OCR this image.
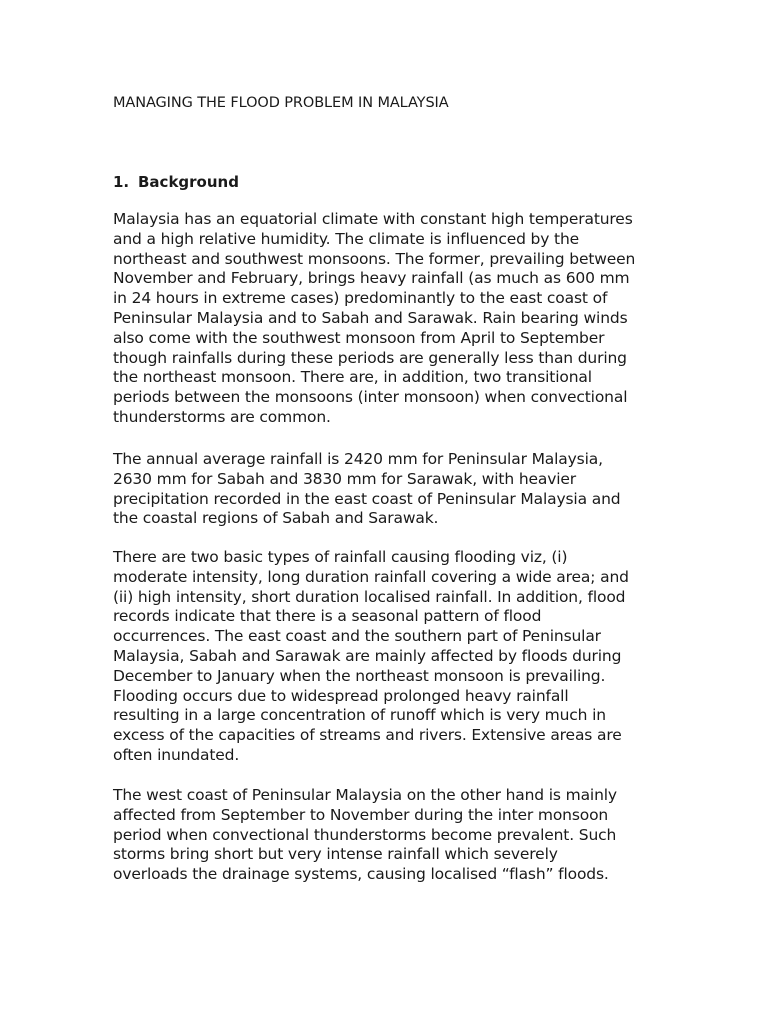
MANAGING THE FLOOD PROBLEM IN MALAYSIA
1. Background

Malaysia has an equatorial climate with constant high temperatures
and a high relative humidity. The climate is influenced by the
northeast and southwest monsoons. The former, prevailing between
November and February, brings heavy rainfall (as much as 600 mm
in 24 hours in extreme cases) predominantly to the east coast of
Peninsular Malaysia and to Sabah and Sarawak. Rain bearing winds
also come with the southwest monsoon from April to September
though rainfalls during these periods are generally less than during
the northeast monsoon. There are, in addition, two transitional
periods between the monsoons (inter monsoon) when convectional
thunderstorms are common.

The annual average rainfall is 2420 mm for Peninsular Malaysia,
2630 mm for Sabah and 3830 mm for Sarawak, with heavier
precipitation recorded in the east coast of Peninsular Malaysia and
the coastal regions of Sabah and Sarawak.

There are two basic types of rainfall causing flooding viz, (i)
moderate intensity, long duration rainfall covering a wide area; and
(ii) high intensity, short duration localised rainfall. In addition, flood
records indicate that there is a seasonal pattern of flood
occurrences. The east coast and the southern part of Peninsular
Malaysia, Sabah and Sarawak are mainly affected by floods during
December to January when the northeast monsoon is prevailing.
Flooding occurs due to widespread prolonged heavy rainfall
resulting in a large concentration of runoff which is very much in
excess of the capacities of streams and rivers. Extensive areas are
often inundated.

The west coast of Peninsular Malaysia on the other hand is mainly
affected from September to November during the inter monsoon
period when convectional thunderstorms become prevalent. Such
storms bring short but very intense rainfall which severely
overloads the drainage systems, causing localised “flash” floods.
